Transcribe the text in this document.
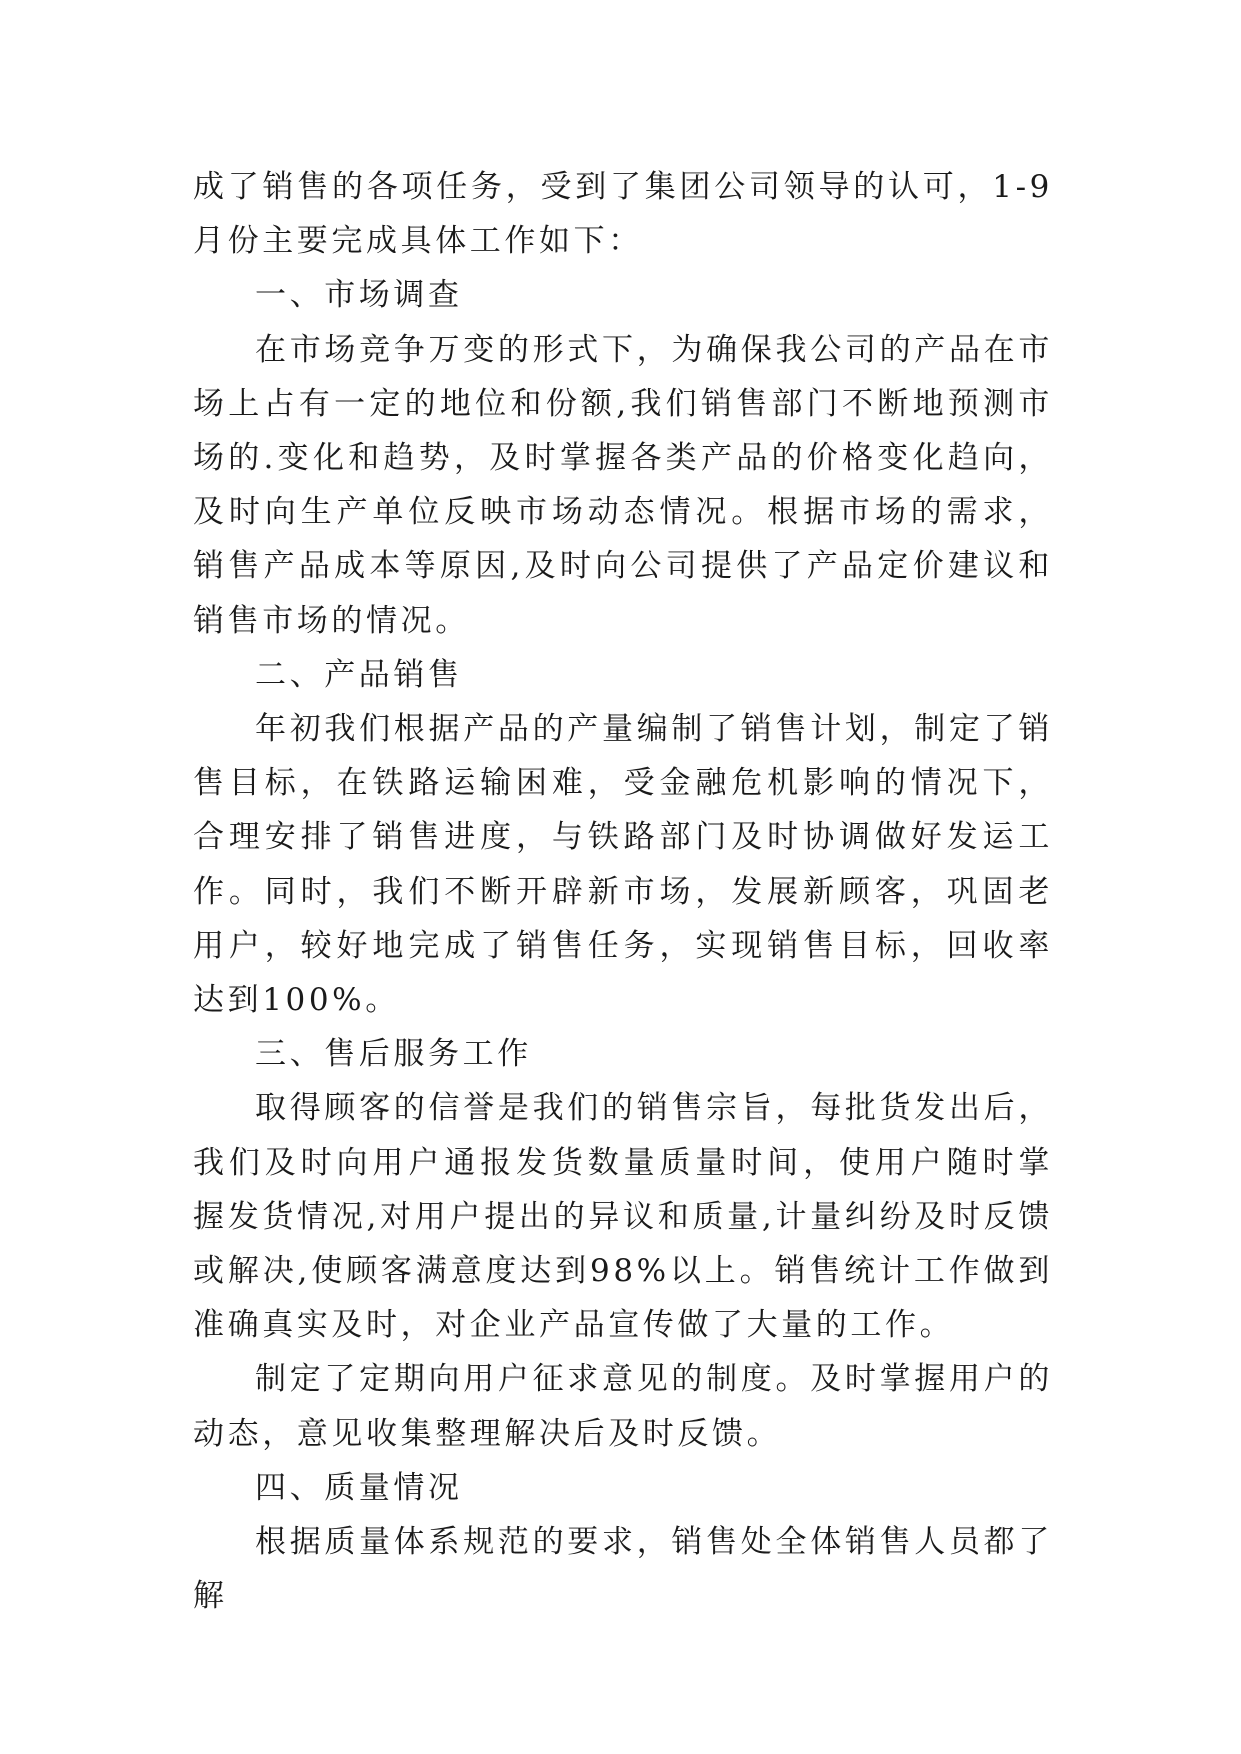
成了销售的各项任务，受到了集团公司领导的认可，1-9月份主要完成具体工作如下：

一、市场调查

在市场竞争万变的形式下，为确保我公司的产品在市场上占有一定的地位和份额,我们销售部门不断地预测市场的.变化和趋势，及时掌握各类产品的价格变化趋向，及时向生产单位反映市场动态情况。根据市场的需求，销售产品成本等原因,及时向公司提供了产品定价建议和销售市场的情况。

二、产品销售

年初我们根据产品的产量编制了销售计划，制定了销售目标，在铁路运输困难，受金融危机影响的情况下，合理安排了销售进度，与铁路部门及时协调做好发运工作。同时，我们不断开辟新市场，发展新顾客，巩固老用户，较好地完成了销售任务，实现销售目标，回收率达到100%。

三、售后服务工作

取得顾客的信誉是我们的销售宗旨，每批货发出后，我们及时向用户通报发货数量质量时间，使用户随时掌握发货情况,对用户提出的异议和质量,计量纠纷及时反馈或解决,使顾客满意度达到98%以上。销售统计工作做到准确真实及时，对企业产品宣传做了大量的工作。

制定了定期向用户征求意见的制度。及时掌握用户的动态，意见收集整理解决后及时反馈。

四、质量情况

根据质量体系规范的要求，销售处全体销售人员都了解
